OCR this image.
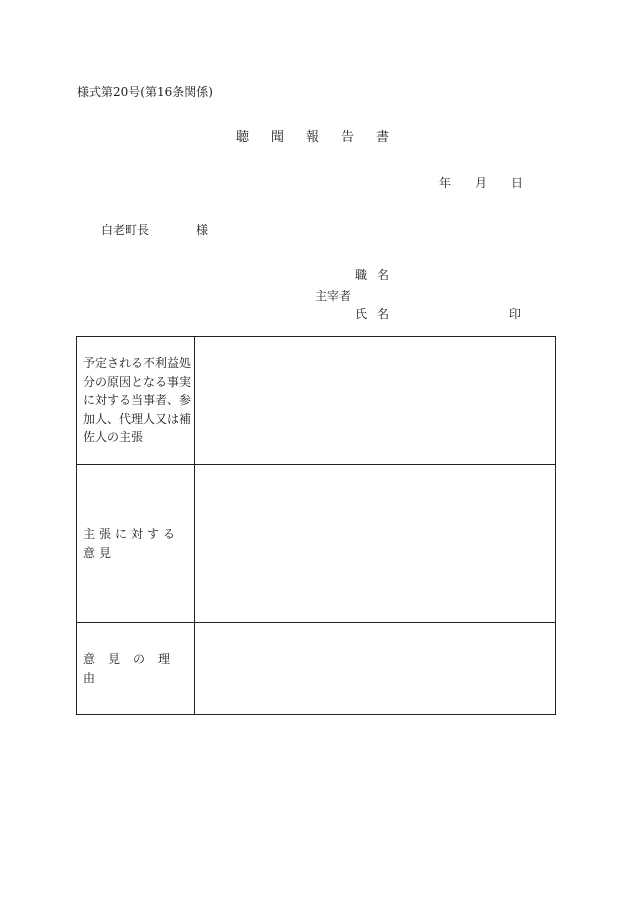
様式第20号(第16条関係)
聴 聞 報 告 書
年 月 日
白老町長	様
職名
主宰者
氏名	印
予定される不利益処
分の原因となる事実
に対する当事者、参
加人、代理人又は補
佐人の主張
主張に対する意見
意見の理由
